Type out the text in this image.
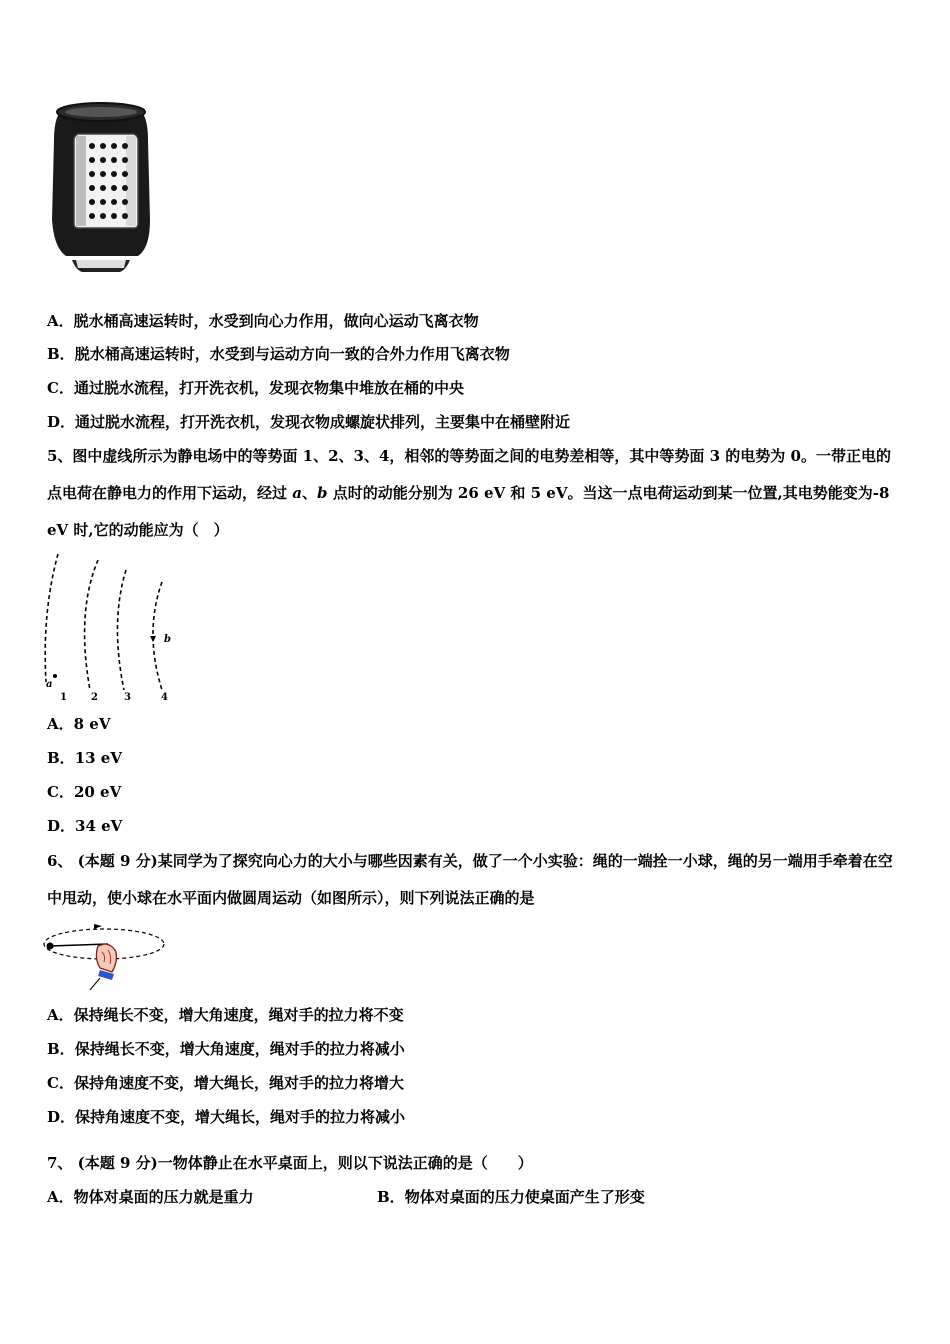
A．脱水桶高速运转时，水受到向心力作用，做向心运动飞离衣物
B．脱水桶高速运转时，水受到与运动方向一致的合外力作用飞离衣物
C．通过脱水流程，打开洗衣机，发现衣物集中堆放在桶的中央
D．通过脱水流程，打开洗衣机，发现衣物成螺旋状排列，主要集中在桶壁附近
5、图中虚线所示为静电场中的等势面 1、2、3、4，相邻的等势面之间的电势差相等，其中等势面 3 的电势为 0。一带正电的点电荷在静电力的作用下运动，经过 a、b 点时的动能分别为 26 eV 和 5 eV。当这一点电荷运动到某一位置,其电势能变为-8 eV 时,它的动能应为（　）
a
b
1 2	3	4
A．8 eV
B．13 eV
C．20 eV
D．34 eV
6、 (本题 9 分)某同学为了探究向心力的大小与哪些因素有关，做了一个小实验：绳的一端拴一小球，绳的另一端用手牵着在空中甩动，使小球在水平面内做圆周运动（如图所示），则下列说法正确的是
A．保持绳长不变，增大角速度，绳对手的拉力将不变
B．保持绳长不变，增大角速度，绳对手的拉力将减小
C．保持角速度不变，增大绳长，绳对手的拉力将增大
D．保持角速度不变，增大绳长，绳对手的拉力将减小
7、 (本题 9 分)一物体静止在水平桌面上，则以下说法正确的是（　　）
A．物体对桌面的压力就是重力	B．物体对桌面的压力使桌面产生了形变
